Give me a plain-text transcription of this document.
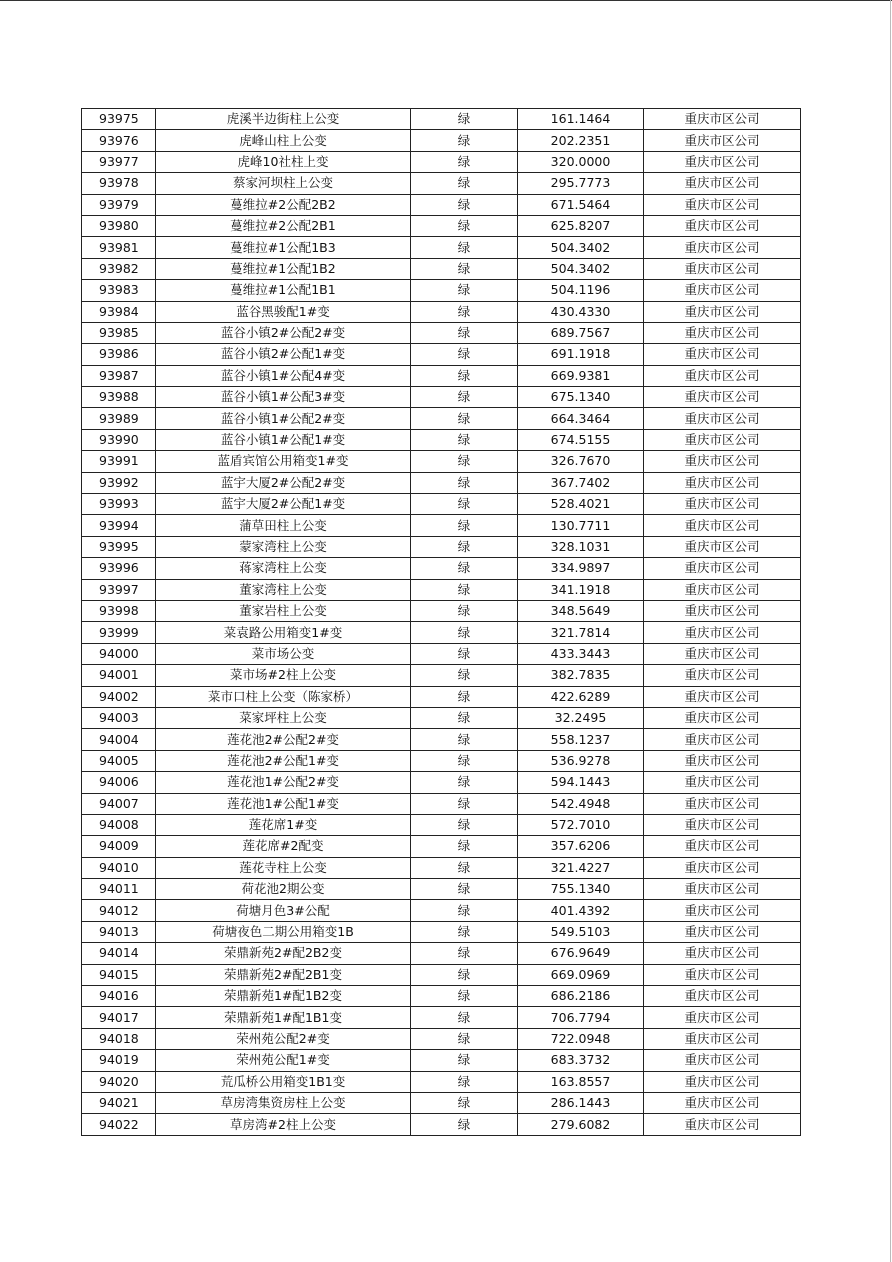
93975	虎溪半边街柱上公变	绿	161.1464	重庆市区公司
93976	虎峰山柱上公变	绿	202.2351	重庆市区公司
93977	虎峰10社柱上变	绿	320.0000	重庆市区公司
93978	蔡家河坝柱上公变	绿	295.7773	重庆市区公司
93979	蔓维拉#2公配2B2	绿	671.5464	重庆市区公司
93980	蔓维拉#2公配2B1	绿	625.8207	重庆市区公司
93981	蔓维拉#1公配1B3	绿	504.3402	重庆市区公司
93982	蔓维拉#1公配1B2	绿	504.3402	重庆市区公司
93983	蔓维拉#1公配1B1	绿	504.1196	重庆市区公司
93984	蓝谷黑骏配1#变	绿	430.4330	重庆市区公司
93985	蓝谷小镇2#公配2#变	绿	689.7567	重庆市区公司
93986	蓝谷小镇2#公配1#变	绿	691.1918	重庆市区公司
93987	蓝谷小镇1#公配4#变	绿	669.9381	重庆市区公司
93988	蓝谷小镇1#公配3#变	绿	675.1340	重庆市区公司
93989	蓝谷小镇1#公配2#变	绿	664.3464	重庆市区公司
93990	蓝谷小镇1#公配1#变	绿	674.5155	重庆市区公司
93991	蓝盾宾馆公用箱变1#变	绿	326.7670	重庆市区公司
93992	蓝宇大厦2#公配2#变	绿	367.7402	重庆市区公司
93993	蓝宇大厦2#公配1#变	绿	528.4021	重庆市区公司
93994	蒲草田柱上公变	绿	130.7711	重庆市区公司
93995	蒙家湾柱上公变	绿	328.1031	重庆市区公司
93996	蒋家湾柱上公变	绿	334.9897	重庆市区公司
93997	董家湾柱上公变	绿	341.1918	重庆市区公司
93998	董家岩柱上公变	绿	348.5649	重庆市区公司
93999	菜袁路公用箱变1#变	绿	321.7814	重庆市区公司
94000	菜市场公变	绿	433.3443	重庆市区公司
94001	菜市场#2柱上公变	绿	382.7835	重庆市区公司
94002	菜市口柱上公变（陈家桥）	绿	422.6289	重庆市区公司
94003	菜家坪柱上公变	绿	32.2495	重庆市区公司
94004	莲花池2#公配2#变	绿	558.1237	重庆市区公司
94005	莲花池2#公配1#变	绿	536.9278	重庆市区公司
94006	莲花池1#公配2#变	绿	594.1443	重庆市区公司
94007	莲花池1#公配1#变	绿	542.4948	重庆市区公司
94008	莲花席1#变	绿	572.7010	重庆市区公司
94009	莲花席#2配变	绿	357.6206	重庆市区公司
94010	莲花寺柱上公变	绿	321.4227	重庆市区公司
94011	荷花池2期公变	绿	755.1340	重庆市区公司
94012	荷塘月色3#公配	绿	401.4392	重庆市区公司
94013	荷塘夜色二期公用箱变1B	绿	549.5103	重庆市区公司
94014	荣鼎新苑2#配2B2变	绿	676.9649	重庆市区公司
94015	荣鼎新苑2#配2B1变	绿	669.0969	重庆市区公司
94016	荣鼎新苑1#配1B2变	绿	686.2186	重庆市区公司
94017	荣鼎新苑1#配1B1变	绿	706.7794	重庆市区公司
94018	荣州苑公配2#变	绿	722.0948	重庆市区公司
94019	荣州苑公配1#变	绿	683.3732	重庆市区公司
94020	荒瓜桥公用箱变1B1变	绿	163.8557	重庆市区公司
94021	草房湾集资房柱上公变	绿	286.1443	重庆市区公司
94022	草房湾#2柱上公变	绿	279.6082	重庆市区公司
